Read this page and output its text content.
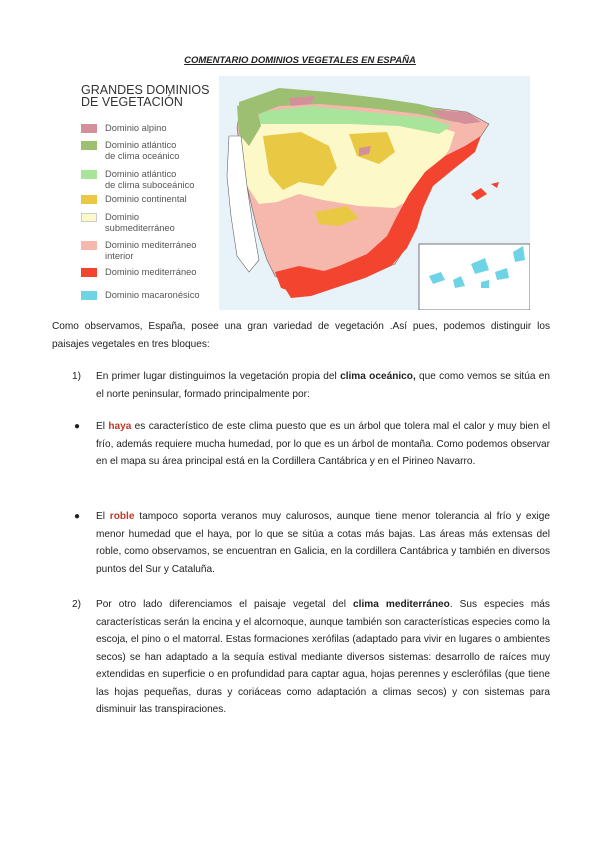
COMENTARIO DOMINIOS VEGETALES EN ESPAÑA
GRANDES DOMINIOS
DE VEGETACIÓN
Dominio alpino
Dominio atlántico
de clima oceánico
Dominio atlántico
de clima suboceánico
Dominio continental
Dominio
submediterráneo
Dominio mediterráneo
interior
Dominio mediterráneo
Dominio macaronésico
Como observamos, España, posee una gran variedad de vegetación .Así pues, podemos distinguir los paisajes vegetales en tres bloques:
1) En primer lugar distinguimos la vegetación propia del clima oceánico, que como vemos se sitúa en el norte peninsular, formado principalmente por:
● El haya es característico de este clima puesto que es un árbol que tolera mal el calor y muy bien el frío, además requiere mucha humedad, por lo que es un árbol de montaña. Como podemos observar en el mapa su área principal está en la Cordillera Cantábrica y en el Pirineo Navarro.
● El roble tampoco soporta veranos muy calurosos, aunque tiene menor tolerancia al frío y exige menor humedad que el haya, por lo que se sitúa a cotas más bajas. Las áreas más extensas del roble, como observamos, se encuentran en Galicia, en la cordillera Cantábrica y también en diversos puntos del Sur y Cataluña.
2) Por otro lado diferenciamos el paisaje vegetal del clima mediterráneo. Sus especies más características serán la encina y el alcornoque, aunque también son características especies como la escoja, el pino o el matorral. Estas formaciones xerófilas (adaptado para vivir en lugares o ambientes secos) se han adaptado a la sequía estival mediante diversos sistemas: desarrollo de raíces muy extendidas en superficie o en profundidad para captar agua, hojas perennes y esclerófilas (que tiene las hojas pequeñas, duras y coriáceas como adaptación a climas secos) y con sistemas para disminuir las transpiraciones.
